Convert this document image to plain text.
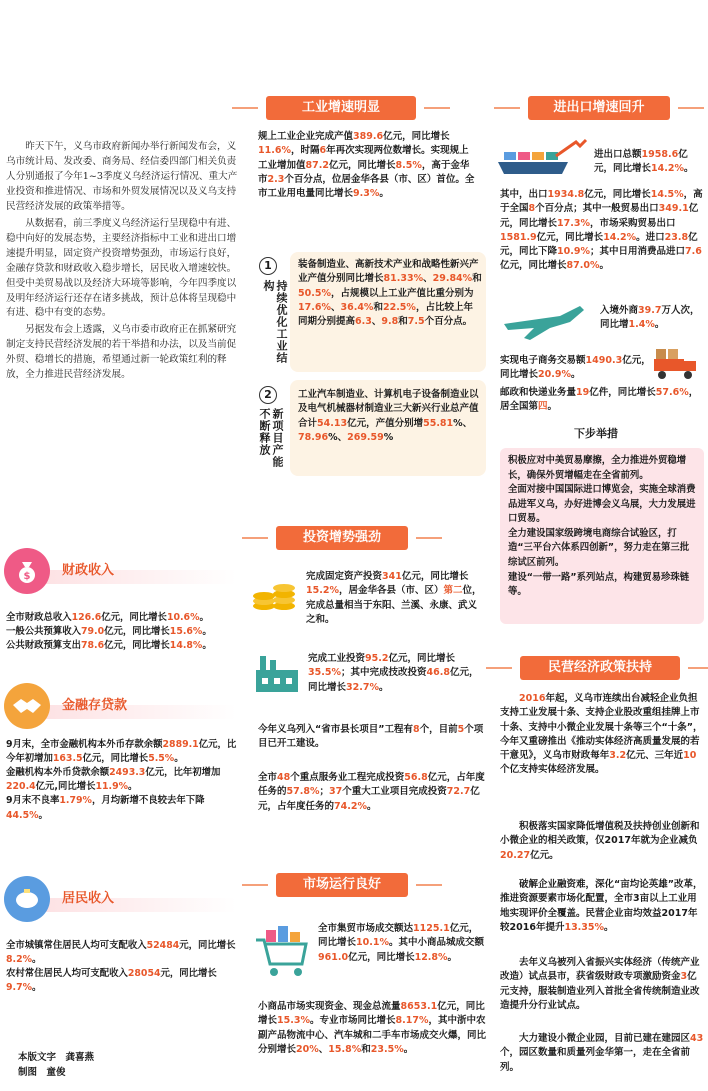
昨天下午，义乌市政府新闻办举行新闻发布会，义乌市统计局、发改委、商务局、经信委四部门相关负责人分别通报了今年1~3季度义乌经济运行情况、重大产业投资和推进情况、市场和外贸发展情况以及义乌支持民营经济发展的政策举措等。

从数据看，前三季度义乌经济运行呈现稳中有进、稳中向好的发展态势，主要经济指标中工业和进出口增速提升明显，固定资产投资增势强劲，市场运行良好，金融存贷款和财政收入稳步增长，居民收入增速较快。但受中美贸易战以及经济大环境等影响，今年四季度以及明年经济运行还存在诸多挑战，预计总体将呈现稳中有进、稳中有变的态势。

另据发布会上透露，义乌市委市政府正在抓紧研究制定支持民营经济发展的若干举措和办法，以及当前促外贸、稳增长的措施，希望通过新一轮政策红利的释放，全力推进民营经济发展。

$	财政收入
全市财政总收入126.6亿元，同比增长10.6%。
一般公共预算收入79.0亿元，同比增长15.6%。
公共财政预算支出78.6亿元，同比增长14.8%。
金融存贷款
9月末，全市金融机构本外币存款余额2889.1亿元，比今年初增加163.5亿元，同比增长5.5%。
金融机构本外币贷款余额2493.3亿元，比年初增加220.4亿元,同比增长11.9%。
9月末不良率1.79%，月均新增不良较去年下降44.5%。
居民收入
全市城镇常住居民人均可支配收入52484元，同比增长8.2%。
农村常住居民人均可支配收入28054元，同比增长9.7%。
本版文字　龚喜燕
制图　童俊
工业增速明显
规上工业企业完成产值389.6亿元，同比增长11.6%，时隔6年再次实现两位数增长。实现规上工业增加值87.2亿元，同比增长8.5%，高于金华市2.3个百分点，位居金华各县（市、区）首位。全市工业用电量同比增长9.3%。
1
持续优化工业结构
装备制造业、高新技术产业和战略性新兴产业产值分别同比增长81.33%、29.84%和50.5%，占规模以上工业产值比重分别为17.6%、36.4%和22.5%，占比较上年同期分别提高6.3、9.8和7.5个百分点。
2
新项目产能不断释放
工业汽车制造业、计算机电子设备制造业以及电气机械器材制造业三大新兴行业总产值合计54.13亿元，产值分别增55.81%、78.96%、269.59%
投资增势强劲
完成固定资产投资341亿元，同比增长15.2%，居金华各县（市、区）第二位，完成总量相当于东阳、兰溪、永康、武义之和。
完成工业投资95.2亿元，同比增长35.5%；其中完成技改投资46.8亿元，同比增长32.7%。
今年义乌列入“省市县长项目”工程有8个，目前5个项目已开工建设。
全市48个重点服务业工程完成投资56.8亿元，占年度任务的57.8%；37个重大工业项目完成投资72.7亿元，占年度任务的74.2%。
市场运行良好
全市集贸市场成交额达1125.1亿元，同比增长10.1%。其中小商品城成交额961.0亿元，同比增长12.8%。
小商品市场实现资金、现金总流量8653.1亿元，同比增长15.3%。专业市场同比增长8.17%，其中浙中农副产品物流中心、汽车城和二手车市场成交火爆，同比分别增长20%、15.8%和23.5%。
进出口增速回升
进出口总额1958.6亿元，同比增长14.2%。
其中，出口1934.8亿元，同比增长14.5%，高于全国8个百分点；其中一般贸易出口349.1亿元，同比增长17.3%，市场采购贸易出口1581.9亿元，同比增长14.2%。进口23.8亿元，同比下降10.9%；其中日用消费品进口7.6亿元，同比增长87.0%。
入境外商39.7万人次，同比增1.4%。
实现电子商务交易额1490.3亿元，同比增长20.9%。
邮政和快递业务量19亿件，同比增长57.6%，居全国第四。
下步举措
积极应对中美贸易摩擦，全力推进外贸稳增长，确保外贸增幅走在全省前列。
全面对接中国国际进口博览会，实施全球消费品进军义乌，办好进博会义乌展，大力发展进口贸易。
全力建设国家级跨境电商综合试验区，打造“三平台六体系四创新”，努力走在第三批综试区前列。
建设“一带一路”系列站点，构建贸易珍珠链等。
民营经济政策扶持
2016年起，义乌市连续出台减轻企业负担支持工业发展十条、支持企业股改重组挂牌上市十条、支持中小微企业发展十条等三个“十条”，今年又重磅推出《推动实体经济高质量发展的若干意见》，义乌市财政每年3.2亿元、三年近10个亿支持实体经济发展。
积极落实国家降低增值税及扶持创业创新和小微企业的相关政策，仅2017年就为企业减负20.27亿元。
破解企业融资难，深化“亩均论英雄”改革，推进资源要素市场化配置，全市3亩以上工业用地实现评价全覆盖。民营企业亩均效益2017年较2016年提升13.35%。
去年义乌被列入省振兴实体经济（传统产业改造）试点县市，获省级财政专项激励资金3亿元支持，服装制造业列入首批全省传统制造业改造提升分行业试点。
大力建设小微企业园，目前已建在建园区43个，园区数量和质量列金华第一，走在全省前列。
